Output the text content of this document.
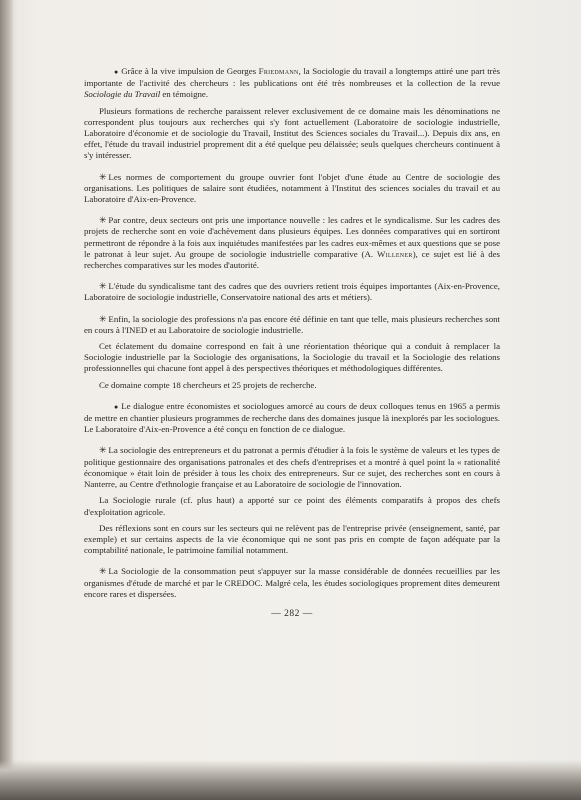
● Grâce à la vive impulsion de Georges Friedmann, la Sociologie du travail a longtemps attiré une part très importante de l'activité des chercheurs : les publications ont été très nombreuses et la collection de la revue Sociologie du Travail en témoigne.

Plusieurs formations de recherche paraissent relever exclusivement de ce domaine mais les dénominations ne correspondent plus toujours aux recherches qui s'y font actuellement (Laboratoire de sociologie industrielle, Laboratoire d'économie et de sociologie du Travail, Institut des Sciences sociales du Travail...). Depuis dix ans, en effet, l'étude du travail industriel proprement dit a été quelque peu délaissée; seuls quelques chercheurs continuent à s'y intéresser.

✳ Les normes de comportement du groupe ouvrier font l'objet d'une étude au Centre de sociologie des organisations. Les politiques de salaire sont étudiées, notamment à l'Institut des sciences sociales du travail et au Laboratoire d'Aix-en-Provence.

✳ Par contre, deux secteurs ont pris une importance nouvelle : les cadres et le syndicalisme. Sur les cadres des projets de recherche sont en voie d'achèvement dans plusieurs équipes. Les données comparatives qui en sortiront permettront de répondre à la fois aux inquiétudes manifestées par les cadres eux-mêmes et aux questions que se pose le patronat à leur sujet. Au groupe de sociologie industrielle comparative (A. Willener), ce sujet est lié à des recherches comparatives sur les modes d'autorité.

✳ L'étude du syndicalisme tant des cadres que des ouvriers retient trois équipes importantes (Aix-en-Provence, Laboratoire de sociologie industrielle, Conservatoire national des arts et métiers).

✳ Enfin, la sociologie des professions n'a pas encore été définie en tant que telle, mais plusieurs recherches sont en cours à l'INED et au Laboratoire de sociologie industrielle.

Cet éclatement du domaine correspond en fait à une réorientation théorique qui a conduit à remplacer la Sociologie industrielle par la Sociologie des organisations, la Sociologie du travail et la Sociologie des relations professionnelles qui chacune font appel à des perspectives théoriques et méthodologiques différentes.

Ce domaine compte 18 chercheurs et 25 projets de recherche.

● Le dialogue entre économistes et sociologues amorcé au cours de deux colloques tenus en 1965 a permis de mettre en chantier plusieurs programmes de recherche dans des domaines jusque là inexplorés par les sociologues. Le Laboratoire d'Aix-en-Provence a été conçu en fonction de ce dialogue.

✳ La sociologie des entrepreneurs et du patronat a permis d'étudier à la fois le système de valeurs et les types de politique gestionnaire des organisations patronales et des chefs d'entreprises et a montré à quel point la « rationalité économique » était loin de présider à tous les choix des entrepreneurs. Sur ce sujet, des recherches sont en cours à Nanterre, au Centre d'ethnologie française et au Laboratoire de sociologie de l'innovation.

La Sociologie rurale (cf. plus haut) a apporté sur ce point des éléments comparatifs à propos des chefs d'exploitation agricole.

Des réflexions sont en cours sur les secteurs qui ne relèvent pas de l'entreprise privée (enseignement, santé, par exemple) et sur certains aspects de la vie économique qui ne sont pas pris en compte de façon adéquate par la comptabilité nationale, le patrimoine familial notamment.

✳ La Sociologie de la consommation peut s'appuyer sur la masse considérable de données recueillies par les organismes d'étude de marché et par le CREDOC. Malgré cela, les études sociologiques proprement dites demeurent encore rares et dispersées.

— 282 —
